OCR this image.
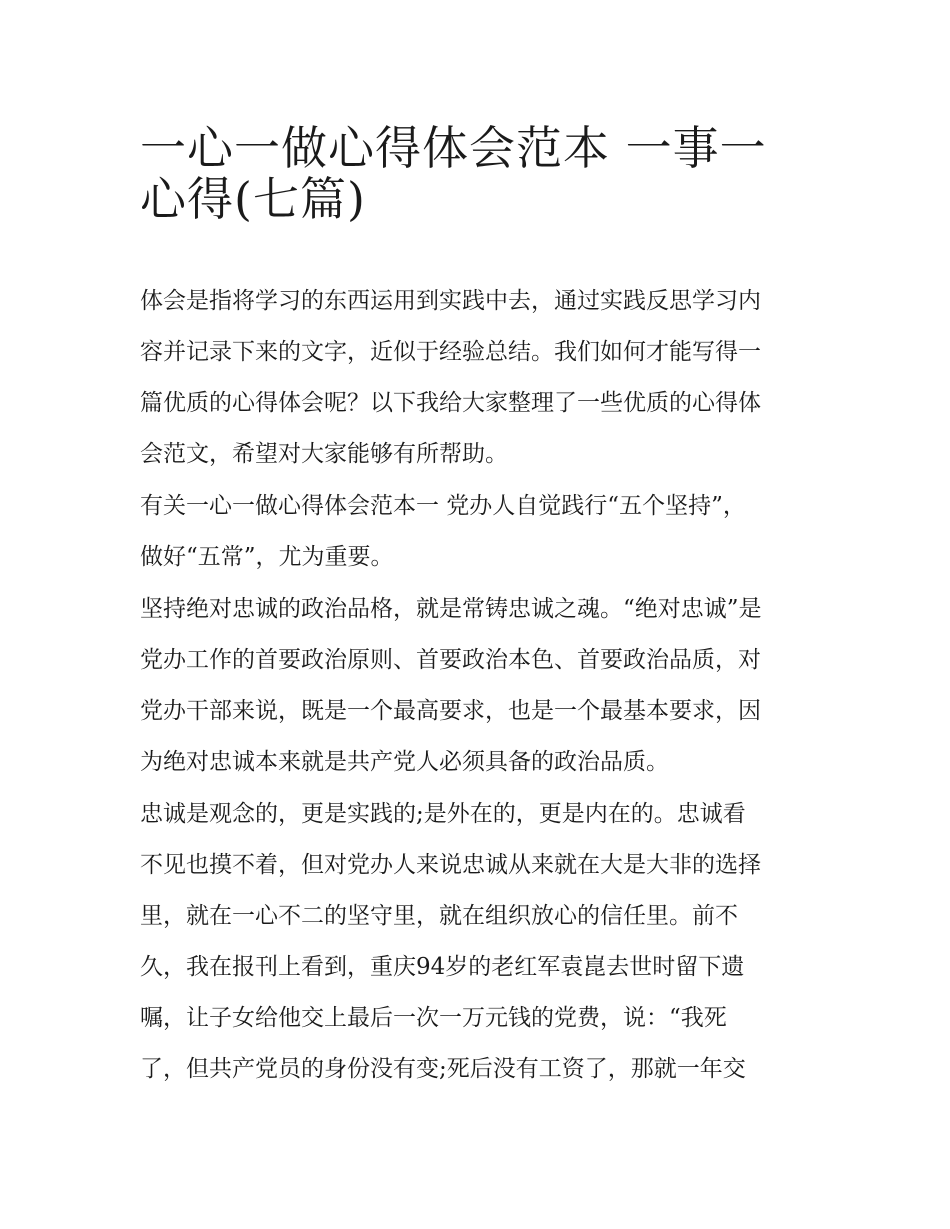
一心一做心得体会范本 一事一
心得(七篇)

体会是指将学习的东西运用到实践中去，通过实践反思学习内
容并记录下来的文字，近似于经验总结。我们如何才能写得一
篇优质的心得体会呢？以下我给大家整理了一些优质的心得体
会范文，希望对大家能够有所帮助。

有关一心一做心得体会范本一 党办人自觉践行“五个坚持”，
做好“五常”，尤为重要。

坚持绝对忠诚的政治品格，就是常铸忠诚之魂。“绝对忠诚”是
党办工作的首要政治原则、首要政治本色、首要政治品质，对
党办干部来说，既是一个最高要求，也是一个最基本要求，因
为绝对忠诚本来就是共产党人必须具备的政治品质。

忠诚是观念的，更是实践的;是外在的，更是内在的。忠诚看
不见也摸不着，但对党办人来说忠诚从来就在大是大非的选择
里，就在一心不二的坚守里，就在组织放心的信任里。前不
久，我在报刊上看到，重庆94岁的老红军袁崑去世时留下遗
嘱，让子女给他交上最后一次一万元钱的党费，说：“我死
了，但共产党员的身份没有变;死后没有工资了，那就一年交
